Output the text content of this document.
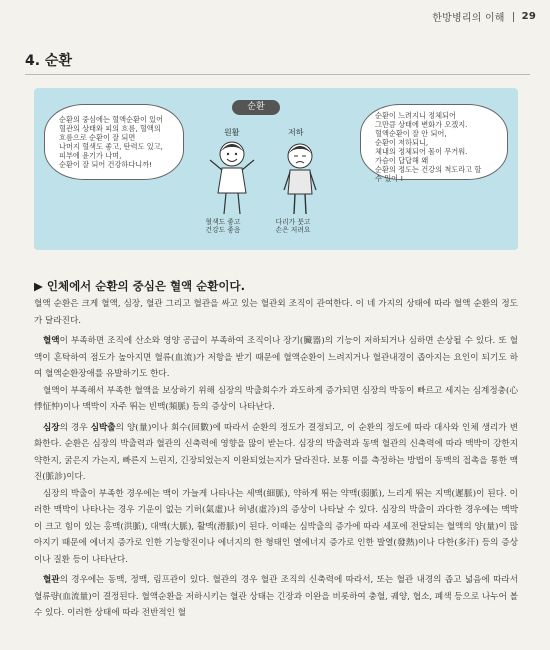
한방병리의 이해 29
4. 순환
순환
순환의 중심에는 혈액순환이 있어
혈관의 상태와 피의 흐름, 혈액의
흐름으로 순환이 잘 되면
나머지 혈색도 좋고, 탄력도 있고,
피부에 윤기가 나며,
순환이 잘 되어 건강하다니까!
순환이 느려지니 정체되어
그만큼 상태에 변화가 오겠지.
혈액순환이 잘 안 되어,
순환이 저하되니,
체내의 정체되어 몸이 무거워.
가슴이 답답해 왜
순환의 정도는 건강의 척도라고 할
수 있어 !
원활	저하
혈색도 좋고
건강도 좋음
다리가 붓고
손은 저려요
▶ 인체에서 순환의 중심은 혈액 순환이다.

혈액 순환은 크게 혈액, 심장, 혈관 그리고 혈관을 싸고 있는 혈관외 조직이 관여한다. 이 네 가지의 상태에 따라 혈액 순환의 정도가 달라진다.

혈액이 부족하면 조직에 산소와 영양 공급이 부족하여 조직이나 장기(臟器)의 기능이 저하되거나 심하면 손상될 수 있다. 또 혈액이 혼탁하여 점도가 높아지면 혈류(血流)가 저항을 받기 때문에 혈액순환이 느려지거나 혈관내경이 좁아지는 요인이 되기도 하여 혈액순환장애를 유발하기도 한다.

혈액이 부족해서 부족한 혈액을 보상하기 위해 심장의 박출회수가 과도하게 증가되면 심장의 박동이 빠르고 세지는 심계정충(心悸怔忡)이나 맥박이 자주 뛰는 빈맥(頻脈) 등의 증상이 나타난다.

심장의 경우 심박출의 양(量)이나 회수(回數)에 따라서 순환의 정도가 결정되고, 이 순환의 정도에 따라 대사와 인체 생리가 변화한다. 순환은 심장의 박출력과 혈관의 신축력에 영향을 많이 받는다. 심장의 박출력과 동맥 혈관의 신축력에 따라 맥박이 강한지 약한지, 굵은지 가는지, 빠른지 느린지, 긴장되었는지 이완되었는지가 달라진다. 보통 이를 측정하는 방법이 동맥의 접촉을 통한 맥진(脈診)이다.

심장의 박출이 부족한 경우에는 맥이 가늘게 나타나는 세맥(細脈), 약하게 뛰는 약맥(弱脈), 느리게 뛰는 지맥(遲脈)이 된다. 이러한 맥박이 나타나는 경우 기운이 없는 기허(氣虛)나 허냉(虛冷)의 증상이 나타날 수 있다. 심장의 박출이 과다한 경우에는 맥박이 크고 힘이 있는 홍맥(洪脈), 대맥(大脈), 활맥(滑脈)이 된다. 이때는 심박출의 증가에 따라 세포에 전달되는 혈액의 양(量)이 많아지기 때문에 에너지 증가로 인한 기능항진이나 에너지의 한 형태인 열에너지 증가로 인한 발열(發熱)이나 다한(多汗) 등의 증상이나 질환 등이 나타난다.

혈관의 경우에는 동맥, 정맥, 림프관이 있다. 혈관의 경우 혈관 조직의 신축력에 따라서, 또는 혈관 내경의 좁고 넓음에 따라서 혈류량(血流量)이 결정된다. 혈액순환을 저하시키는 혈관 상태는 긴장과 이완을 비롯하여 충혈, 궤양, 협소, 폐색 등으로 나누어 볼 수 있다. 이러한 상태에 따라 전반적인 혈
